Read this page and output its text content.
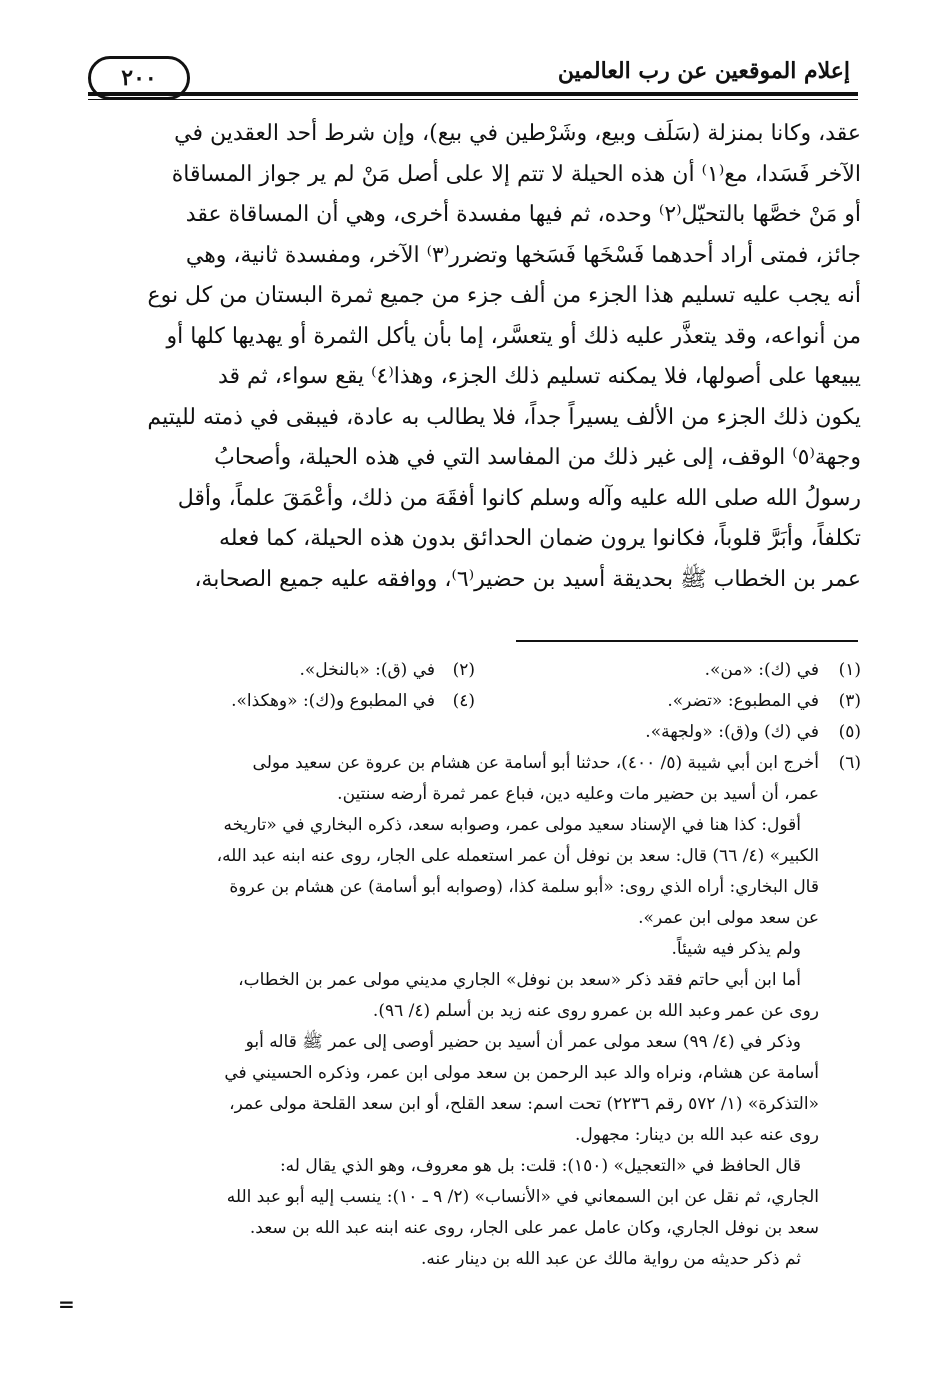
٢٠٠	إعلام الموقعين عن رب العالمين
عقد، وكانا بمنزلة (سَلَف وبيع، وشَرْطين في بيع)، وإن شرط أحد العقدين في
الآخر فَسَدا، مع⁽١⁾ أن هذه الحيلة لا تتم إلا على أصل مَنْ لم ير جواز المساقاة
أو مَنْ خصَّها بالتحيّل⁽٢⁾ وحده، ثم فيها مفسدة أخرى، وهي أن المساقاة عقد
جائز، فمتى أراد أحدهما فَسْخَها فَسَخها وتضرر⁽٣⁾ الآخر، ومفسدة ثانية، وهي
أنه يجب عليه تسليم هذا الجزء من ألف جزء من جميع ثمرة البستان من كل نوع
من أنواعه، وقد يتعذَّر عليه ذلك أو يتعسَّر، إما بأن يأكل الثمرة أو يهديها كلها أو
يبيعها على أصولها، فلا يمكنه تسليم ذلك الجزء، وهذا⁽٤⁾ يقع سواء، ثم قد
يكون ذلك الجزء من الألف يسيراً جداً، فلا يطالب به عادة، فيبقى في ذمته لليتيم
وجهة⁽٥⁾ الوقف، إلى غير ذلك من المفاسد التي في هذه الحيلة، وأصحابُ
رسولُ الله صلى الله عليه وآله وسلم كانوا أفقَهَ من ذلك، وأعْمَقَ علماً، وأقل
تكلفاً، وأبَرَّ قلوباً، فكانوا يرون ضمان الحدائق بدون هذه الحيلة، كما فعله
عمر بن الخطاب ﷺ بحديقة أسيد بن حضير⁽٦⁾، ووافقه عليه جميع الصحابة،
(١)
في (ك): «من».
(٢)
في (ق): «بالنخل».
(٣)
في المطبوع: «تضر».
(٤)
في المطبوع و(ك): «وهكذا».
(٥)
في (ك) و(ق): «ولجهة».
(٦)
أخرج ابن أبي شيبة (٥/ ٤٠٠)، حدثنا أبو أسامة عن هشام بن عروة عن سعيد مولى
عمر، أن أسيد بن حضير مات وعليه دين، فباع عمر ثمرة أرضه سنتين.
أقول: كذا هنا في الإسناد سعيد مولى عمر، وصوابه سعد، ذكره البخاري في «تاريخه
الكبير» (٤/ ٦٦) قال: سعد بن نوفل أن عمر استعمله على الجار، روى عنه ابنه عبد الله،
قال البخاري: أراه الذي روى: «أبو سلمة كذا، (وصوابه أبو أسامة) عن هشام بن عروة
عن سعد مولى ابن عمر».
ولم يذكر فيه شيئاً.
أما ابن أبي حاتم فقد ذكر «سعد بن نوفل» الجاري مديني مولى عمر بن الخطاب،
روى عن عمر وعبد الله بن عمرو روى عنه زيد بن أسلم (٤/ ٩٦).
وذكر في (٤/ ٩٩) سعد مولى عمر أن أسيد بن حضير أوصى إلى عمر ﷺ قاله أبو
أسامة عن هشام، ونراه والد عبد الرحمن بن سعد مولى ابن عمر، وذكره الحسيني في
«التذكرة» (١/ ٥٧٢ رقم ٢٢٣٦) تحت اسم: سعد القلح، أو ابن سعد القلحة مولى عمر،
روى عنه عبد الله بن دينار: مجهول.
قال الحافظ في «التعجيل» (١٥٠): قلت: بل هو معروف، وهو الذي يقال له:
الجاري، ثم نقل عن ابن السمعاني في «الأنساب» (٢/ ٩ ـ ١٠): ينسب إليه أبو عبد الله
سعد بن نوفل الجاري، وكان عامل عمر على الجار، روى عنه ابنه عبد الله بن سعد.
ثم ذكر حديثه من رواية مالك عن عبد الله بن دينار عنه.
=
